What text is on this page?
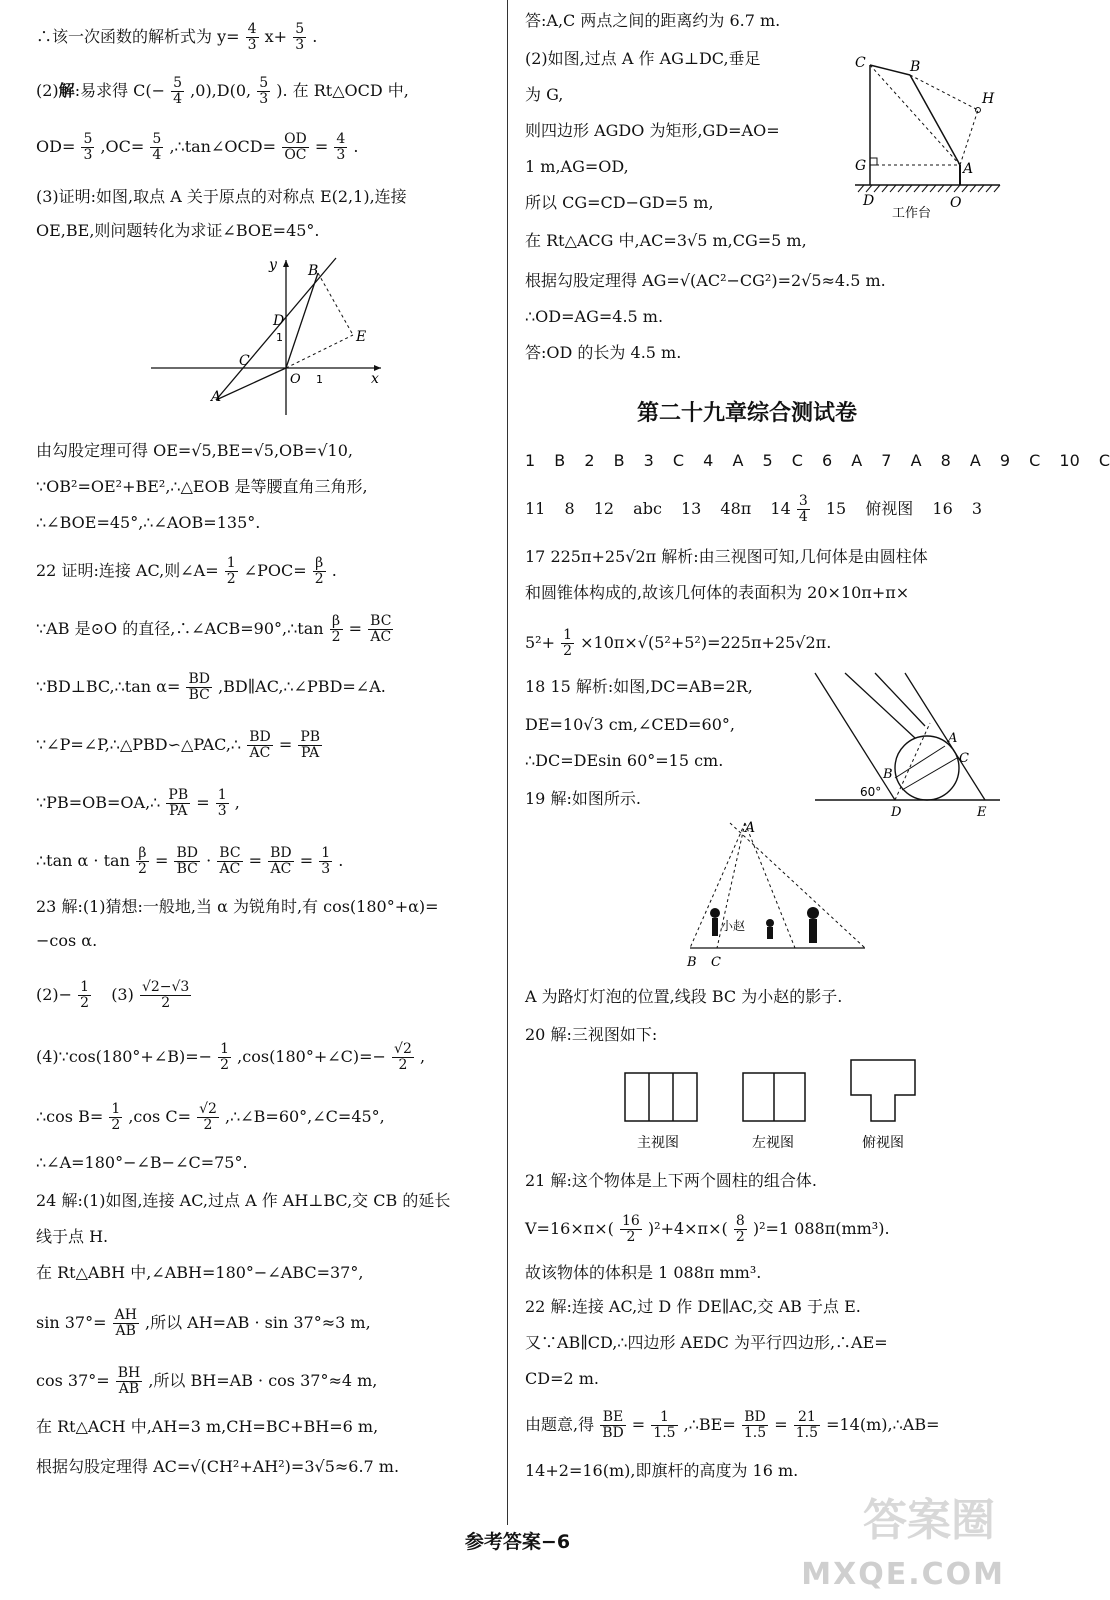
∴该一次函数的解析式为 $y= \frac{4}{3} x+ \frac{5}{3}$ .
(2)解:易求得 $C(- \frac{5}{4} ,0),D(0$, $\frac{5}{3}$ ). 在 Rt△OCD 中,
$OD= \frac{5}{3} ,OC= \frac{5}{4}$ ,∴tan∠OCD= $\frac{OD}{OC} = \frac{4}{3}$ .
(3)证明:如图,取点 A 关于原点的对称点 E(2,1),连接
OE,BE,则问题转化为求证∠BOE=45°.
y
x
B
D
1
C
E
O 1
A
由勾股定理可得 OE=√5,BE=√5,OB=√10,
∵OB²=OE²+BE²,∴△EOB 是等腰直角三角形,
∴∠BOE=45°,∴∠AOB=135°.
22 证明:连接 AC,则∠A= $\frac{1}{2}$ ∠POC= $\frac{\beta}{2}$ .
∵AB 是⊙O 的直径,∴∠ACB=90°,∴tan $\frac{\beta}{2} = \frac{BC}{AC}$
∵BD⊥BC,∴tan $\alpha= \frac{BD}{BC}$ ,BD∥AC,∴∠PBD=∠A.
∵∠P=∠P,∴△PBD∽△PAC,∴ $\frac{BD}{AC} = \frac{PB}{PA}$
∵PB=OB=OA,∴ $\frac{PB}{PA} = \frac{1}{3}$ ,
∴tan $\alpha \cdot \tan \frac{\beta}{2} = \frac{BD}{BC} \cdot \frac{BC}{AC} = \frac{BD}{AC} = \frac{1}{3}$ .
23 解:(1)猜想:一般地,当 α 为锐角时,有 cos(180°+α)=
−cos α.
$(2)- \frac{1}{2} (3) \frac{√2-√3}{2}$
(4)∵cos(180°+∠B)=− $\frac{1}{2}$ ,cos(180°+∠C)=− $\frac{√2}{2}$ ,
∴cos $B= \frac{1}{2} ,\cos$ $C= \frac{√2}{2}$ ,∴∠B=60°,∠C=45°,
∴∠A=180°−∠B−∠C=75°.
24 解:(1)如图,连接 AC,过点 A 作 AH⊥BC,交 CB 的延长
线于点 H.
在 Rt△ABH 中,∠ABH=180°−∠ABC=37°,
$\sin 37^\circ= \frac{AH}{AB}$ ,所以 AH=AB · sin 37°≈3 m,
$\cos 37^\circ= \frac{BH}{AB}$ ,所以 BH=AB · cos 37°≈4 m,
在 Rt△ACH 中,AH=3 m,CH=BC+BH=6 m,
根据勾股定理得 AC=√(CH²+AH²)=3√5≈6.7 m.
答:A,C 两点之间的距离约为 6.7 m.
(2)如图,过点 A 作 AG⊥DC,垂足
为 G,
则四边形 AGDO 为矩形,GD=AO=
1 m,AG=OD,
所以 CG=CD−GD=5 m,
C	B
H
G	A
D	O
工作台
在 Rt△ACG 中,AC=3√5 m,CG=5 m,
根据勾股定理得 AG=√(AC²−CG²)=2√5≈4.5 m.
∴OD=AG=4.5 m.
答:OD 的长为 4.5 m.
第二十九章综合测试卷
1 B 2 B 3 C 4 A 5 C 6 A 7 A 8 A 9 C 10 C
11 8 12 abc 13 48π $14 \frac{3}{4} 15$ 俯视图 16 3
17 225π+25√2π 解析:由三视图可知,几何体是由圆柱体
和圆锥体构成的,故该几何体的表面积为 20×10π+π×
$5^2+ \frac{1}{2} \times 10\pi\times√(5^2+5^2)=225\pi+25√2\pi$.
18 15 解析:如图,DC=AB=2R,
DE=10√3 cm,∠CED=60°,
∴DC=DEsin 60°=15 cm.
A
C
B
D	E
60°
19 解:如图所示.
A
B C
小赵
A 为路灯灯泡的位置,线段 BC 为小赵的影子.
20 解:三视图如下:
主视图	左视图	俯视图
21 解:这个物体是上下两个圆柱的组合体.
$V=16\times\pi\times( \frac{16}{2} )^2+4\times\pi\times( \frac{8}{2} )^2=1$ 088π(mm³).
故该物体的体积是 1 088π mm³.
22 解:连接 AC,过 D 作 DE∥AC,交 AB 于点 E.
又∵AB∥CD,∴四边形 AEDC 为平行四边形,∴AE=
CD=2 m.
由题意,得 $\frac{BE}{BD} = \frac{1}{1.5}$ ,∴BE= $\frac{BD}{1.5} = \frac{21}{1.5}$ =14(m),∴AB=
14+2=16(m),即旗杆的高度为 16 m.
参考答案−6	答案圈
MXQE.COM
